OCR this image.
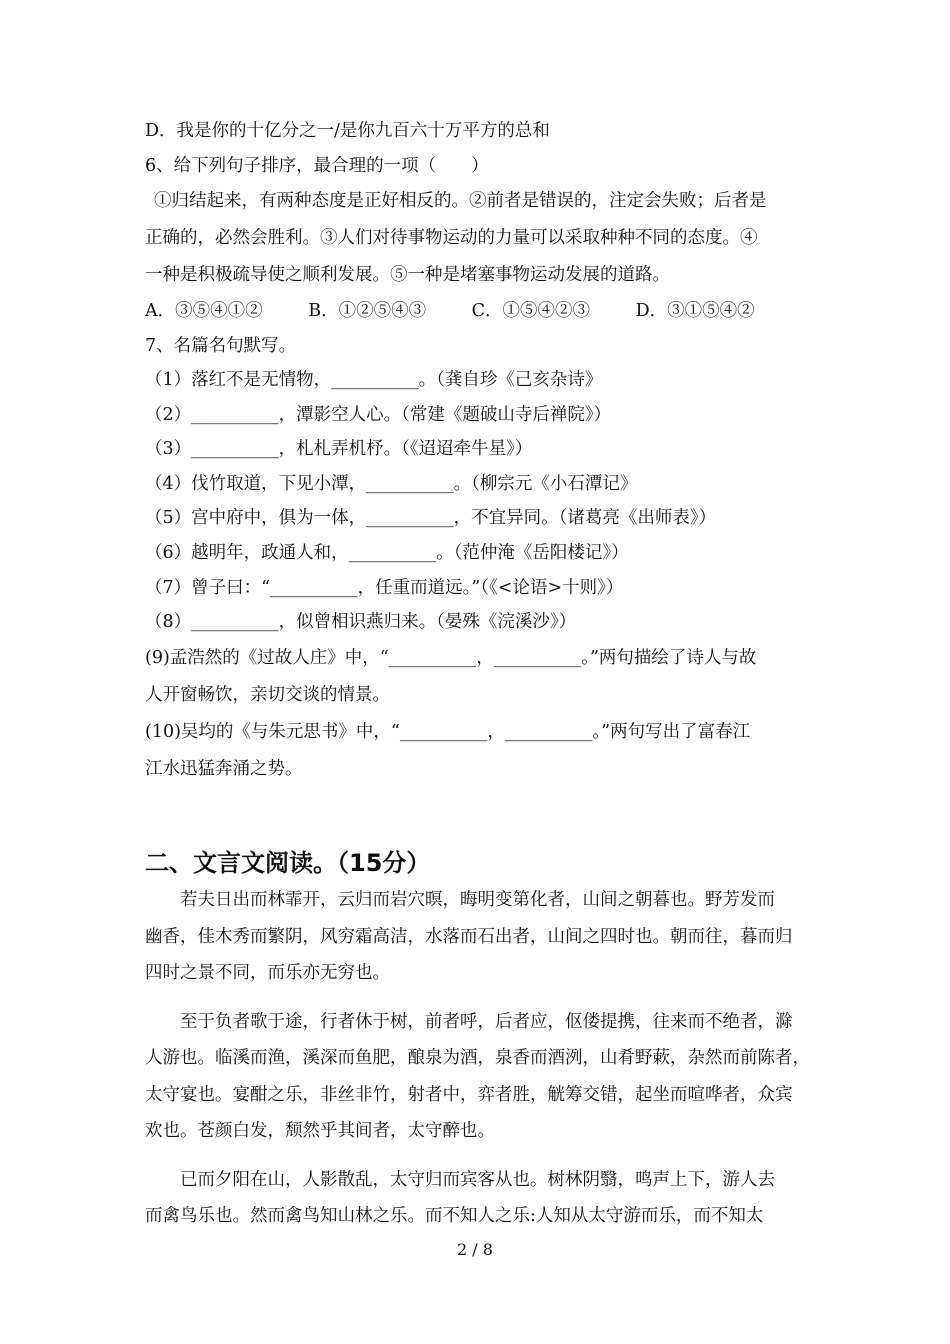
D．我是你的十亿分之一/是你九百六十万平方的总和
6、给下列句子排序，最合理的一项（　　）
①归结起来，有两种态度是正好相反的。②前者是错误的，注定会失败；后者是
正确的，必然会胜利。③人们对待事物运动的力量可以采取种种不同的态度。④
一种是积极疏导使之顺利发展。⑤一种是堵塞事物运动发展的道路。
A．③⑤④①②	B．①②⑤④③	C．①⑤④②③	D．③①⑤④②
7、名篇名句默写。
（1）落红不是无情物，__________。（龚自珍《己亥杂诗》
（2）__________，潭影空人心。（常建《题破山寺后禅院》）
（3）__________，札札弄机杼。（《迢迢牵牛星》）
（4）伐竹取道，下见小潭，__________。（柳宗元《小石潭记》
（5）宫中府中，俱为一体，__________，不宜异同。（诸葛亮《出师表》）
（6）越明年，政通人和，__________。（范仲淹《岳阳楼记》）
（7）曾子曰：“__________，任重而道远。”（《<论语>十则》）
（8）__________，似曾相识燕归来。（晏殊《浣溪沙》）
(9)孟浩然的《过故人庄》中，“__________，__________。”两句描绘了诗人与故
人开窗畅饮，亲切交谈的情景。
(10)吴均的《与朱元思书》中，“__________，__________。”两句写出了富春江
江水迅猛奔涌之势。
二、文言文阅读。（15分）
若夫日出而林霏开，云归而岩穴暝，晦明变第化者，山间之朝暮也。野芳发而
幽香，佳木秀而繁阴，风穷霜高洁，水落而石出者，山间之四时也。朝而往，暮而归
四时之景不同，而乐亦无穷也。
至于负者歌于途，行者休于树，前者呼，后者应，伛偻提携，往来而不绝者，滁
人游也。临溪而渔，溪深而鱼肥，酿泉为酒，泉香而酒洌，山肴野蔌，杂然而前陈者，
太守宴也。宴酣之乐，非丝非竹，射者中，弈者胜，觥筹交错，起坐而喧哗者，众宾
欢也。苍颜白发，颓然乎其间者，太守醉也。
已而夕阳在山，人影散乱，太守归而宾客从也。树林阴翳，鸣声上下，游人去
而禽鸟乐也。然而禽鸟知山林之乐。而不知人之乐:人知从太守游而乐，而不知太
2 / 8
